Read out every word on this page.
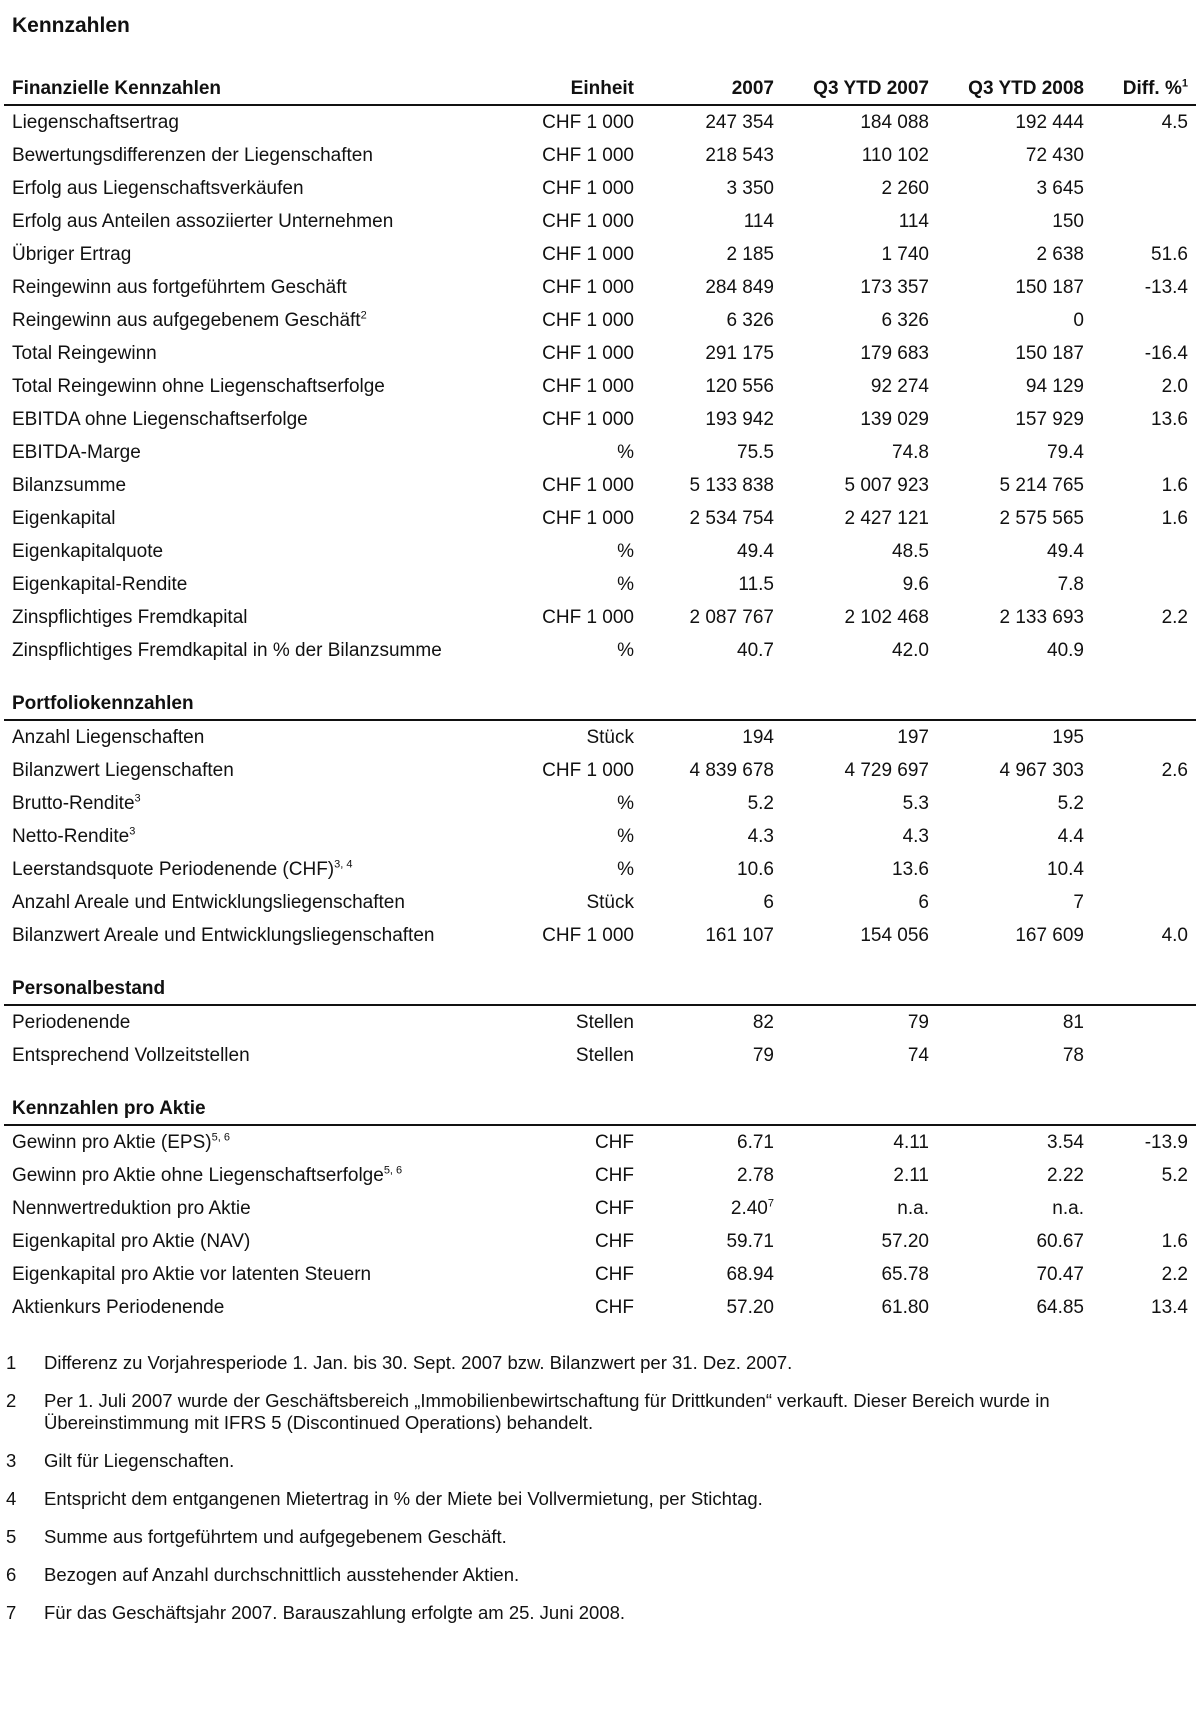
Kennzahlen
Finanzielle Kennzahlen	Einheit	2007	Q3 YTD 2007	Q3 YTD 2008	Diff. %$^1$
Liegenschaftsertrag	CHF 1 000	247 354	184 088	192 444	4.5
Bewertungsdifferenzen der Liegenschaften	CHF 1 000	218 543	110 102	72 430	
Erfolg aus Liegenschaftsverkäufen	CHF 1 000	3 350	2 260	3 645	
Erfolg aus Anteilen assoziierter Unternehmen	CHF 1 000	114	114	150	
Übriger Ertrag	CHF 1 000	2 185	1 740	2 638	51.6
Reingewinn aus fortgeführtem Geschäft	CHF 1 000	284 849	173 357	150 187	-13.4
Reingewinn aus aufgegebenem Geschäft$^2$	CHF 1 000	6 326	6 326	0	
Total Reingewinn	CHF 1 000	291 175	179 683	150 187	-16.4
Total Reingewinn ohne Liegenschaftserfolge	CHF 1 000	120 556	92 274	94 129	2.0
EBITDA ohne Liegenschaftserfolge	CHF 1 000	193 942	139 029	157 929	13.6
EBITDA-Marge	%	75.5	74.8	79.4	
Bilanzsumme	CHF 1 000	5 133 838	5 007 923	5 214 765	1.6
Eigenkapital	CHF 1 000	2 534 754	2 427 121	2 575 565	1.6
Eigenkapitalquote	%	49.4	48.5	49.4	
Eigenkapital-Rendite	%	11.5	9.6	7.8	
Zinspflichtiges Fremdkapital	CHF 1 000	2 087 767	2 102 468	2 133 693	2.2
Zinspflichtiges Fremdkapital in % der Bilanzsumme	%	40.7	42.0	40.9	

Portfoliokennzahlen					
Anzahl Liegenschaften	Stück	194	197	195	
Bilanzwert Liegenschaften	CHF 1 000	4 839 678	4 729 697	4 967 303	2.6
Brutto-Rendite$^3$	%	5.2	5.3	5.2	
Netto-Rendite$^3$	%	4.3	4.3	4.4	
Leerstandsquote Periodenende (CHF)$^{3, 4}$	%	10.6	13.6	10.4	
Anzahl Areale und Entwicklungsliegenschaften	Stück	6	6	7	
Bilanzwert Areale und Entwicklungsliegenschaften	CHF 1 000	161 107	154 056	167 609	4.0

Personalbestand					
Periodenende	Stellen	82	79	81	
Entsprechend Vollzeitstellen	Stellen	79	74	78	

Kennzahlen pro Aktie					
Gewinn pro Aktie (EPS)$^{5, 6}$	CHF	6.71	4.11	3.54	-13.9
Gewinn pro Aktie ohne Liegenschaftserfolge$^{5, 6}$	CHF	2.78	2.11	2.22	5.2
Nennwertreduktion pro Aktie	CHF	2.40$^7$	n.a.	n.a.	
Eigenkapital pro Aktie (NAV)	CHF	59.71	57.20	60.67	1.6
Eigenkapital pro Aktie vor latenten Steuern	CHF	68.94	65.78	70.47	2.2
Aktienkurs Periodenende	CHF	57.20	61.80	64.85	13.4
1	Differenz zu Vorjahresperiode 1. Jan. bis 30. Sept. 2007 bzw. Bilanzwert per 31. Dez. 2007.
2	Per 1. Juli 2007 wurde der Geschäftsbereich „Immobilienbewirtschaftung für Drittkunden“ verkauft. Dieser Bereich wurde in Übereinstimmung mit IFRS 5 (Discontinued Operations) behandelt.
3	Gilt für Liegenschaften.
4	Entspricht dem entgangenen Mietertrag in % der Miete bei Vollvermietung, per Stichtag.
5	Summe aus fortgeführtem und aufgegebenem Geschäft.
6	Bezogen auf Anzahl durchschnittlich ausstehender Aktien.
7	Für das Geschäftsjahr 2007. Barauszahlung erfolgte am 25. Juni 2008.
